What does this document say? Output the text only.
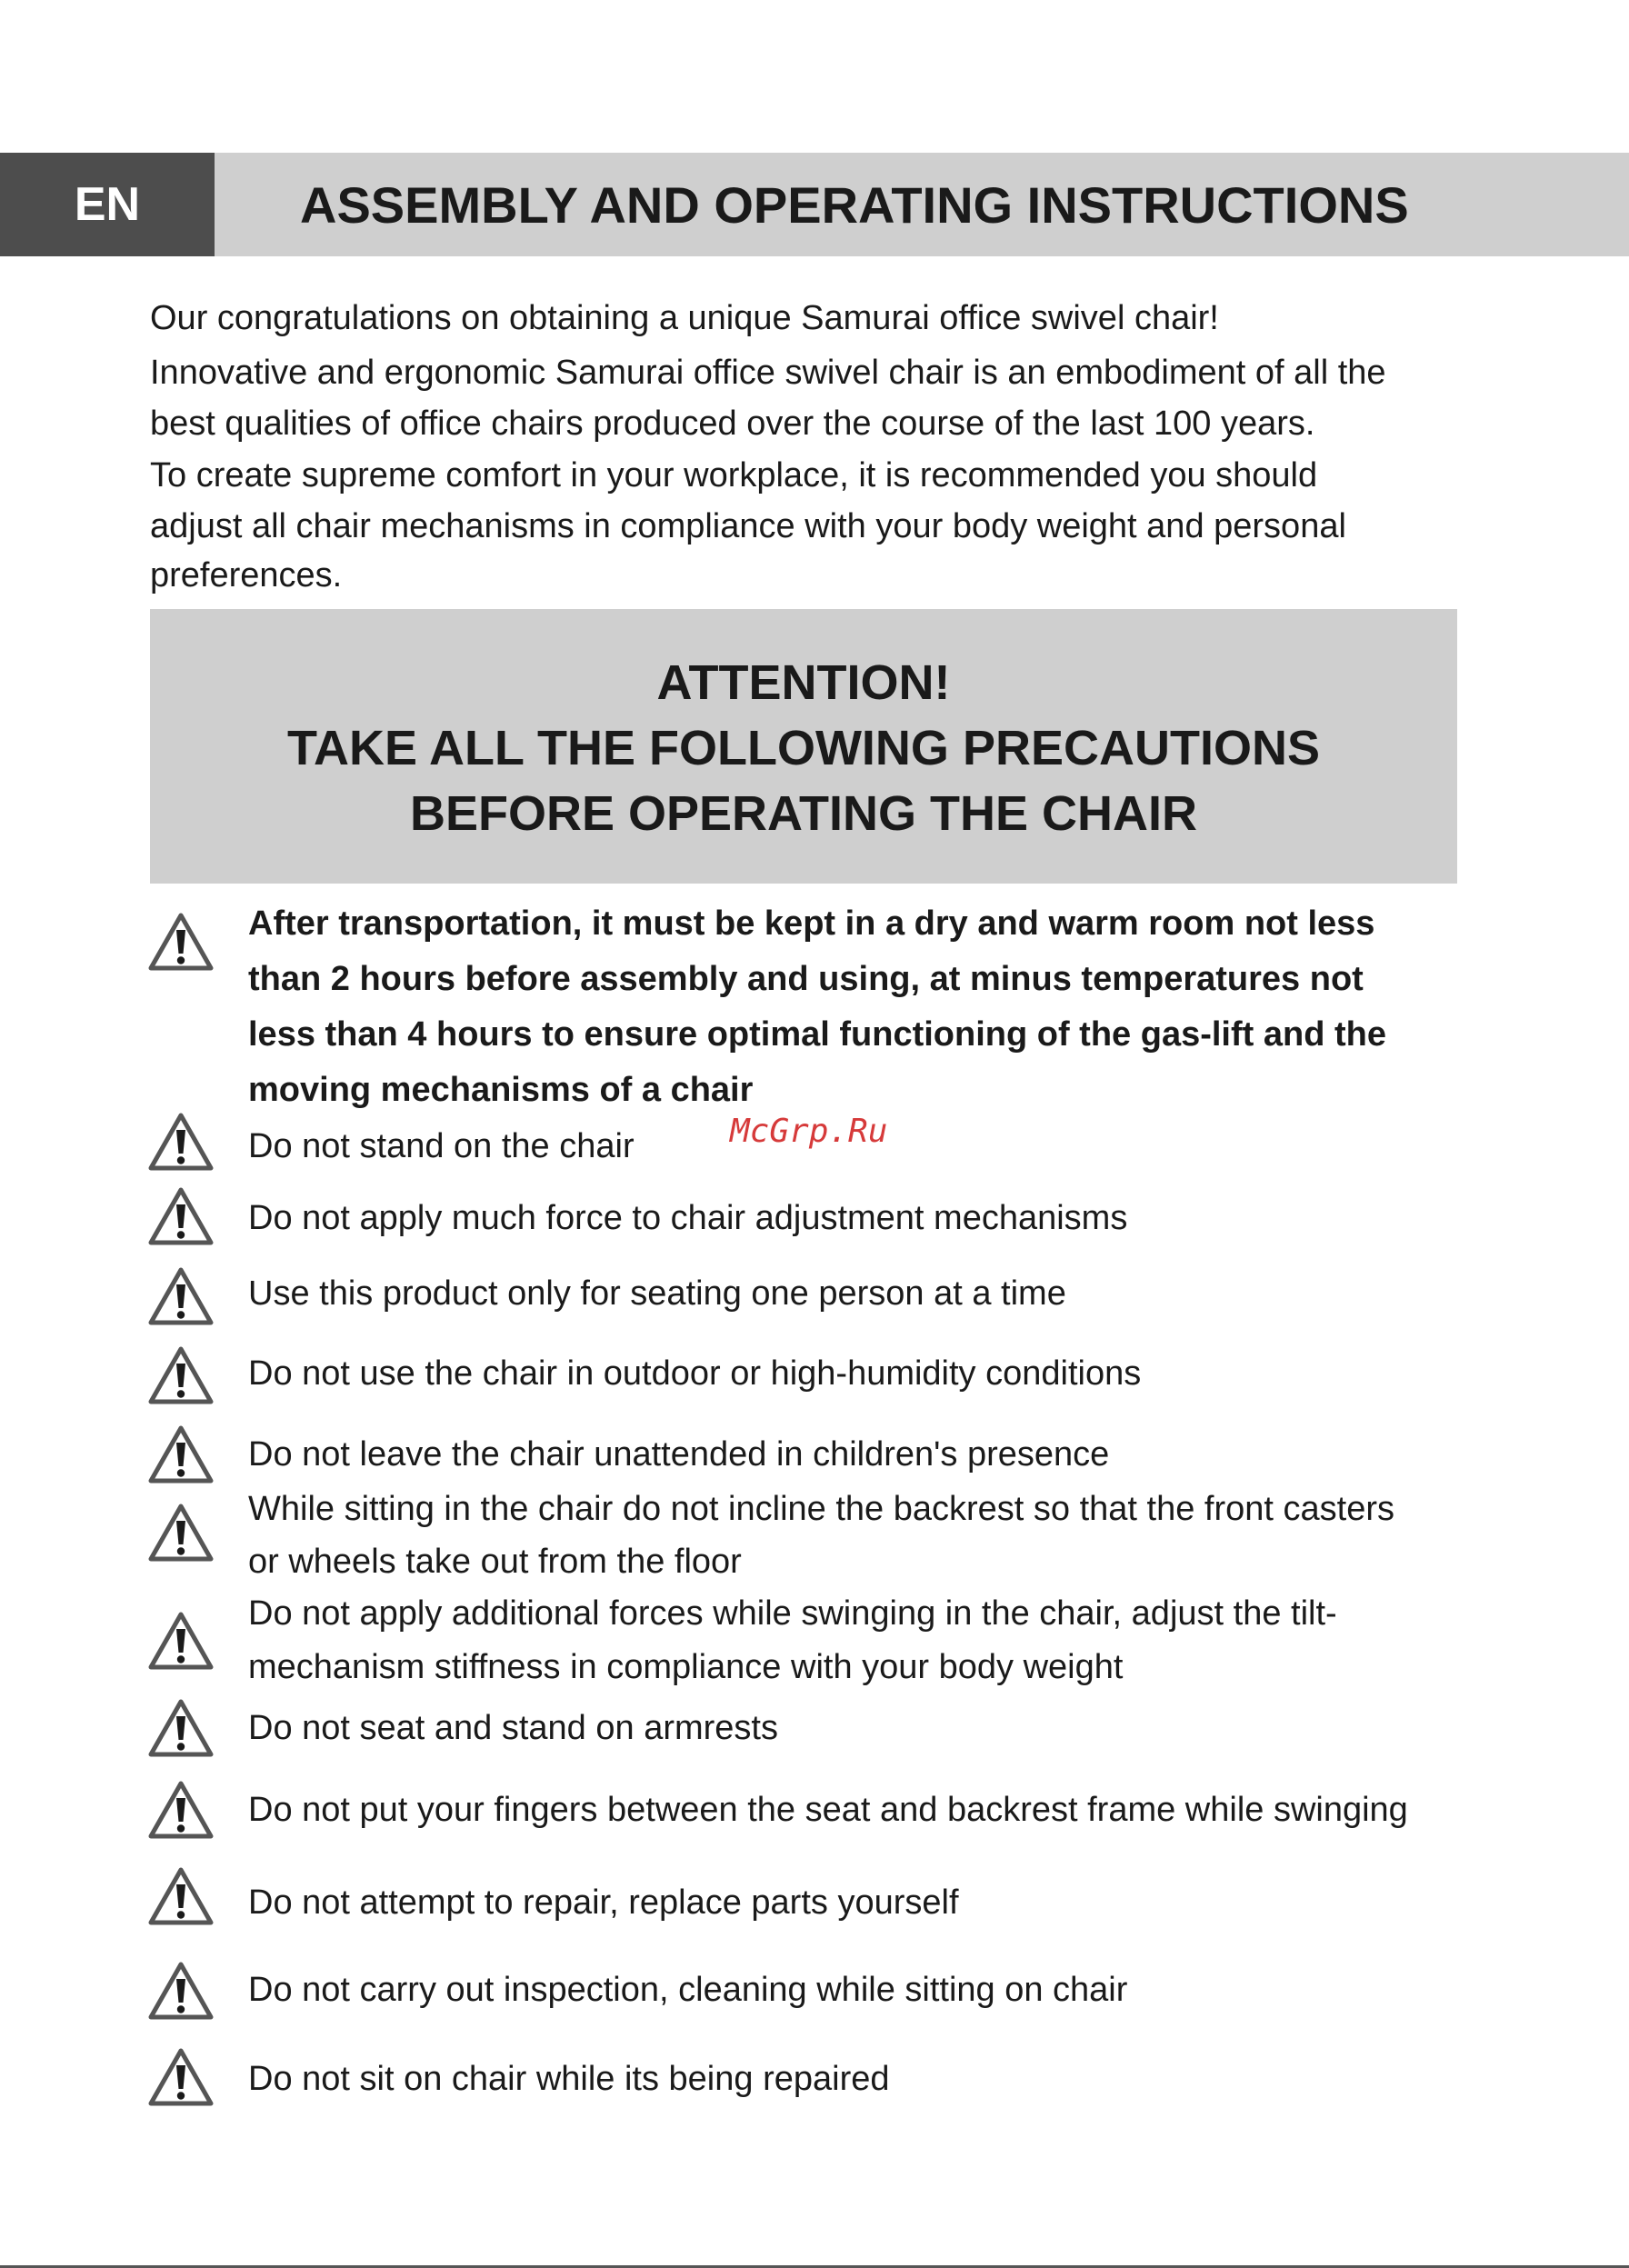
EN	ASSEMBLY AND OPERATING INSTRUCTIONS
Our congratulations on obtaining a unique Samurai office swivel chair!
Innovative and ergonomic Samurai office swivel chair is an embodiment of all the
best qualities of office chairs produced over the course of the last 100 years.
To create supreme comfort in your workplace, it is recommended you should
adjust all chair mechanisms in compliance with your body weight and personal
preferences.
ATTENTION!
TAKE ALL THE FOLLOWING PRECAUTIONS
BEFORE OPERATING THE CHAIR
After transportation, it must be kept in a dry and warm room not less
than 2 hours before assembly and using, at minus temperatures not
less than 4 hours to ensure optimal functioning of the gas-lift and the
moving mechanisms of a chair
Do not stand on the chair
Do not apply much force to chair adjustment mechanisms
Use this product only for seating one person at a time
Do not use the chair in outdoor or high-humidity conditions
Do not leave the chair unattended in children's presence
While sitting in the chair do not incline the backrest so that the front casters
or wheels take out from the floor
Do not apply additional forces while swinging in the chair, adjust the tilt-
mechanism stiffness in compliance with your body weight
Do not seat and stand on armrests
Do not put your fingers between the seat and backrest frame while swinging
Do not attempt to repair, replace parts yourself
Do not carry out inspection, cleaning while sitting on chair
Do not sit on chair while its being repaired
McGrp.Ru
